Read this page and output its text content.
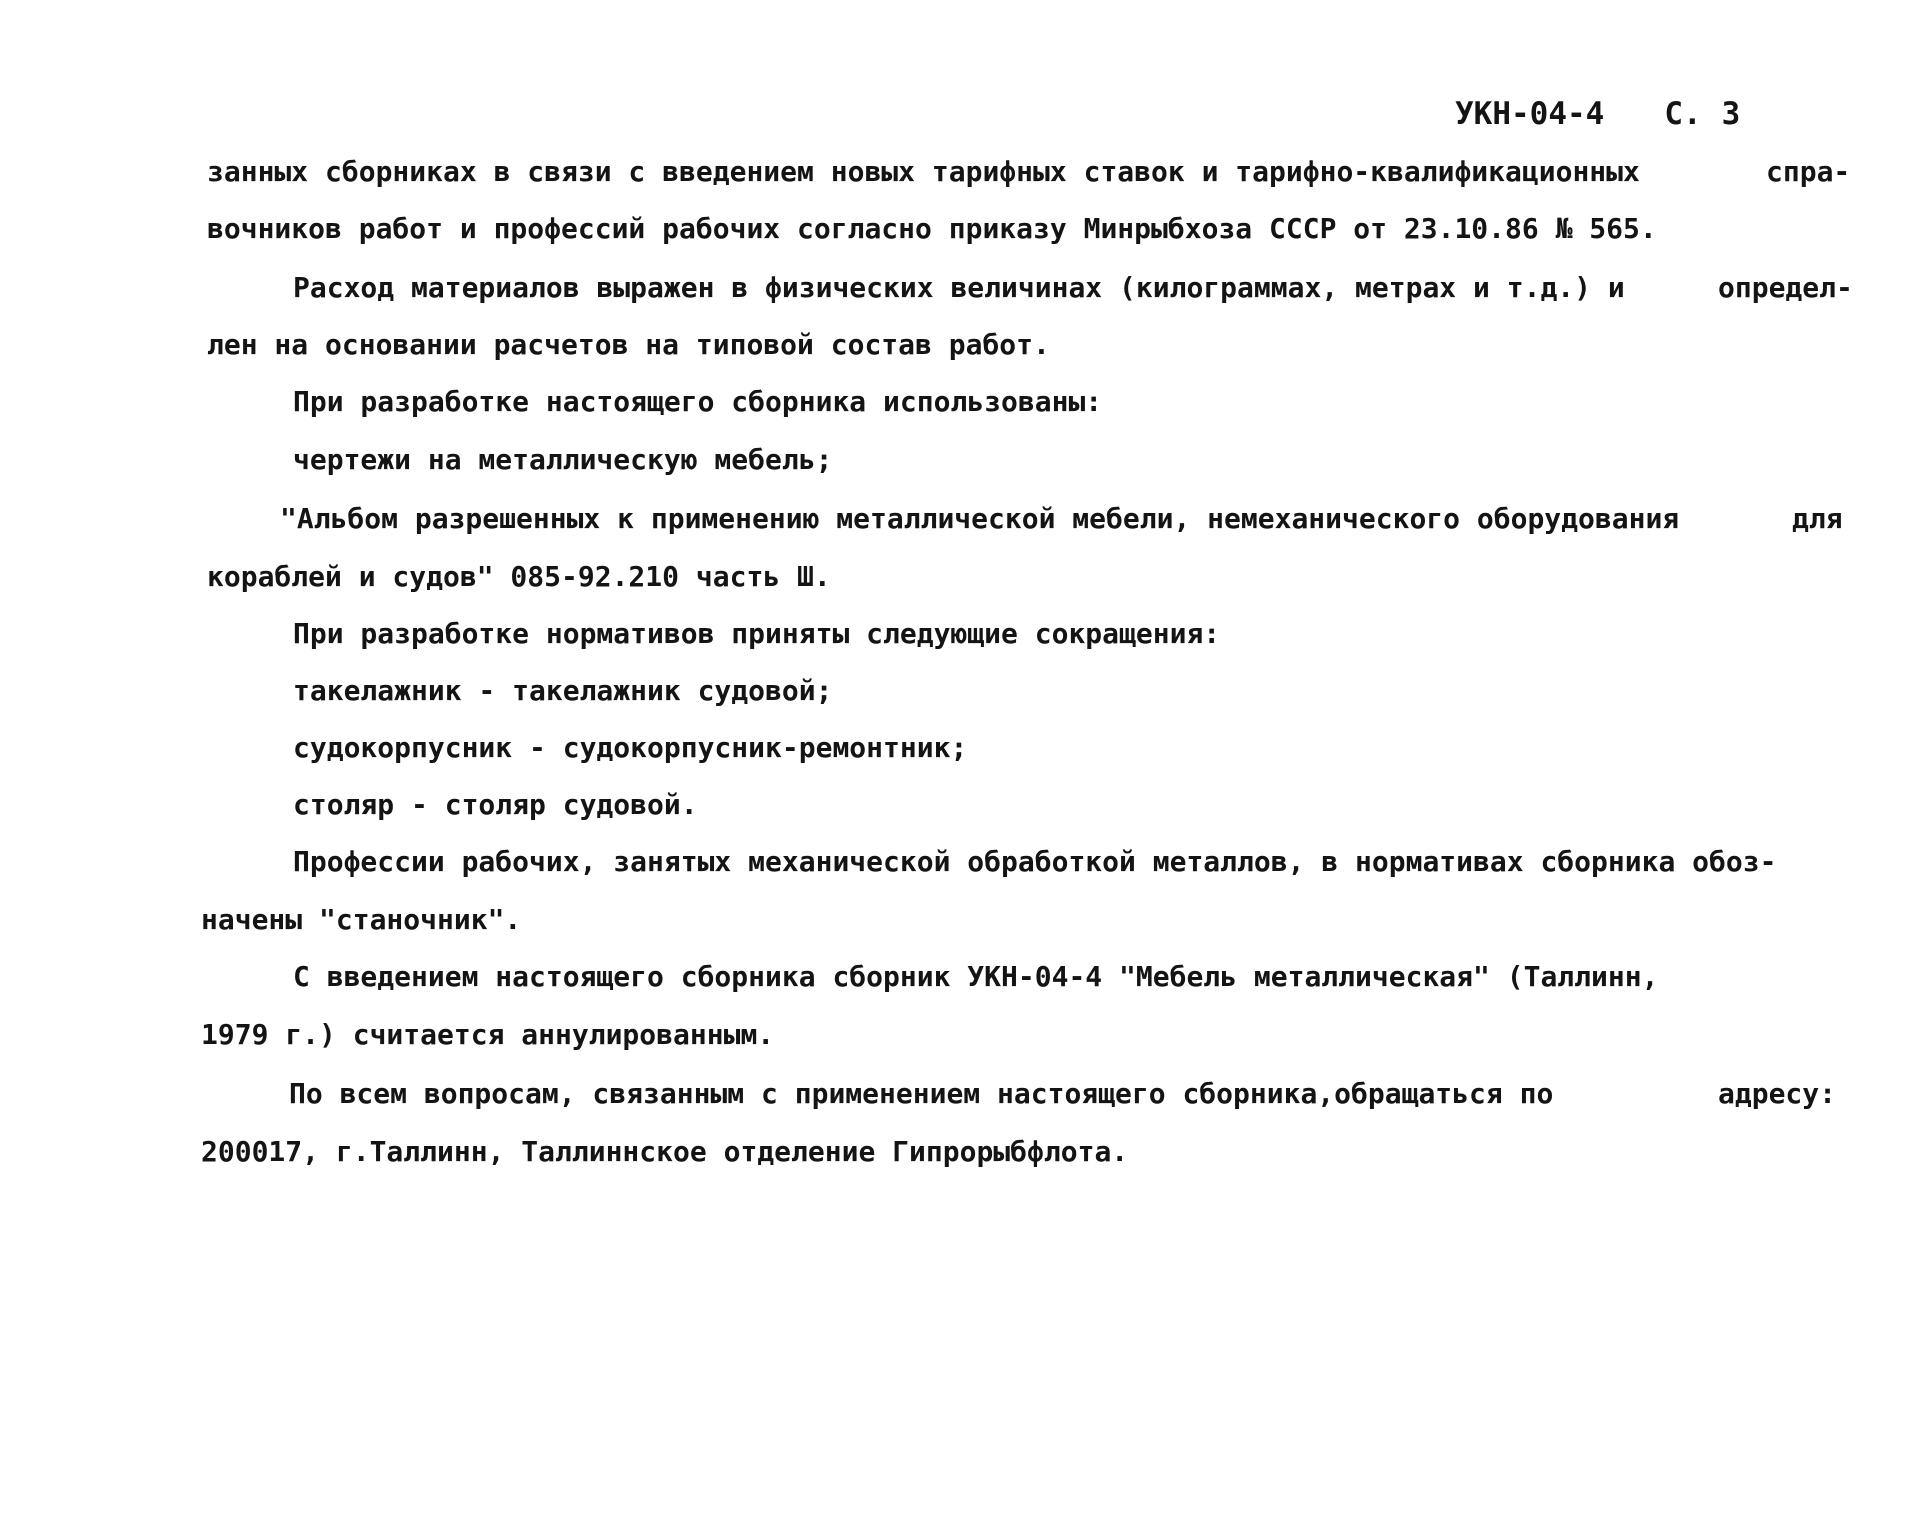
УКН-04-4 С. 3
занных сборниках в связи с введением новых тарифных ставок и тарифно-квалификационных	спра-
вочников работ и профессий рабочих согласно приказу Минрыбхоза СССР от 23.10.86 № 565.
Расход материалов выражен в физических величинах (килограммах, метрах и т.д.) и	определ-
лен на основании расчетов на типовой состав работ.
При разработке настоящего сборника использованы:
чертежи на металлическую мебель;
"Альбом разрешенных к применению металлической мебели, немеханического оборудования	для
кораблей и судов" 085-92.210 часть Ш.
При разработке нормативов приняты следующие сокращения:
такелажник - такелажник судовой;
судокорпусник - судокорпусник-ремонтник;
столяр - столяр судовой.
Профессии рабочих, занятых механической обработкой металлов, в нормативах сборника обоз-
начены "станочник".
С введением настоящего сборника сборник УКН-04-4 "Мебель металлическая" (Таллинн,
1979 г.) считается аннулированным.
По всем вопросам, связанным с применением настоящего сборника,обращаться по	адресу:
200017, г.Таллинн, Таллиннское отделение Гипрорыбфлота.
